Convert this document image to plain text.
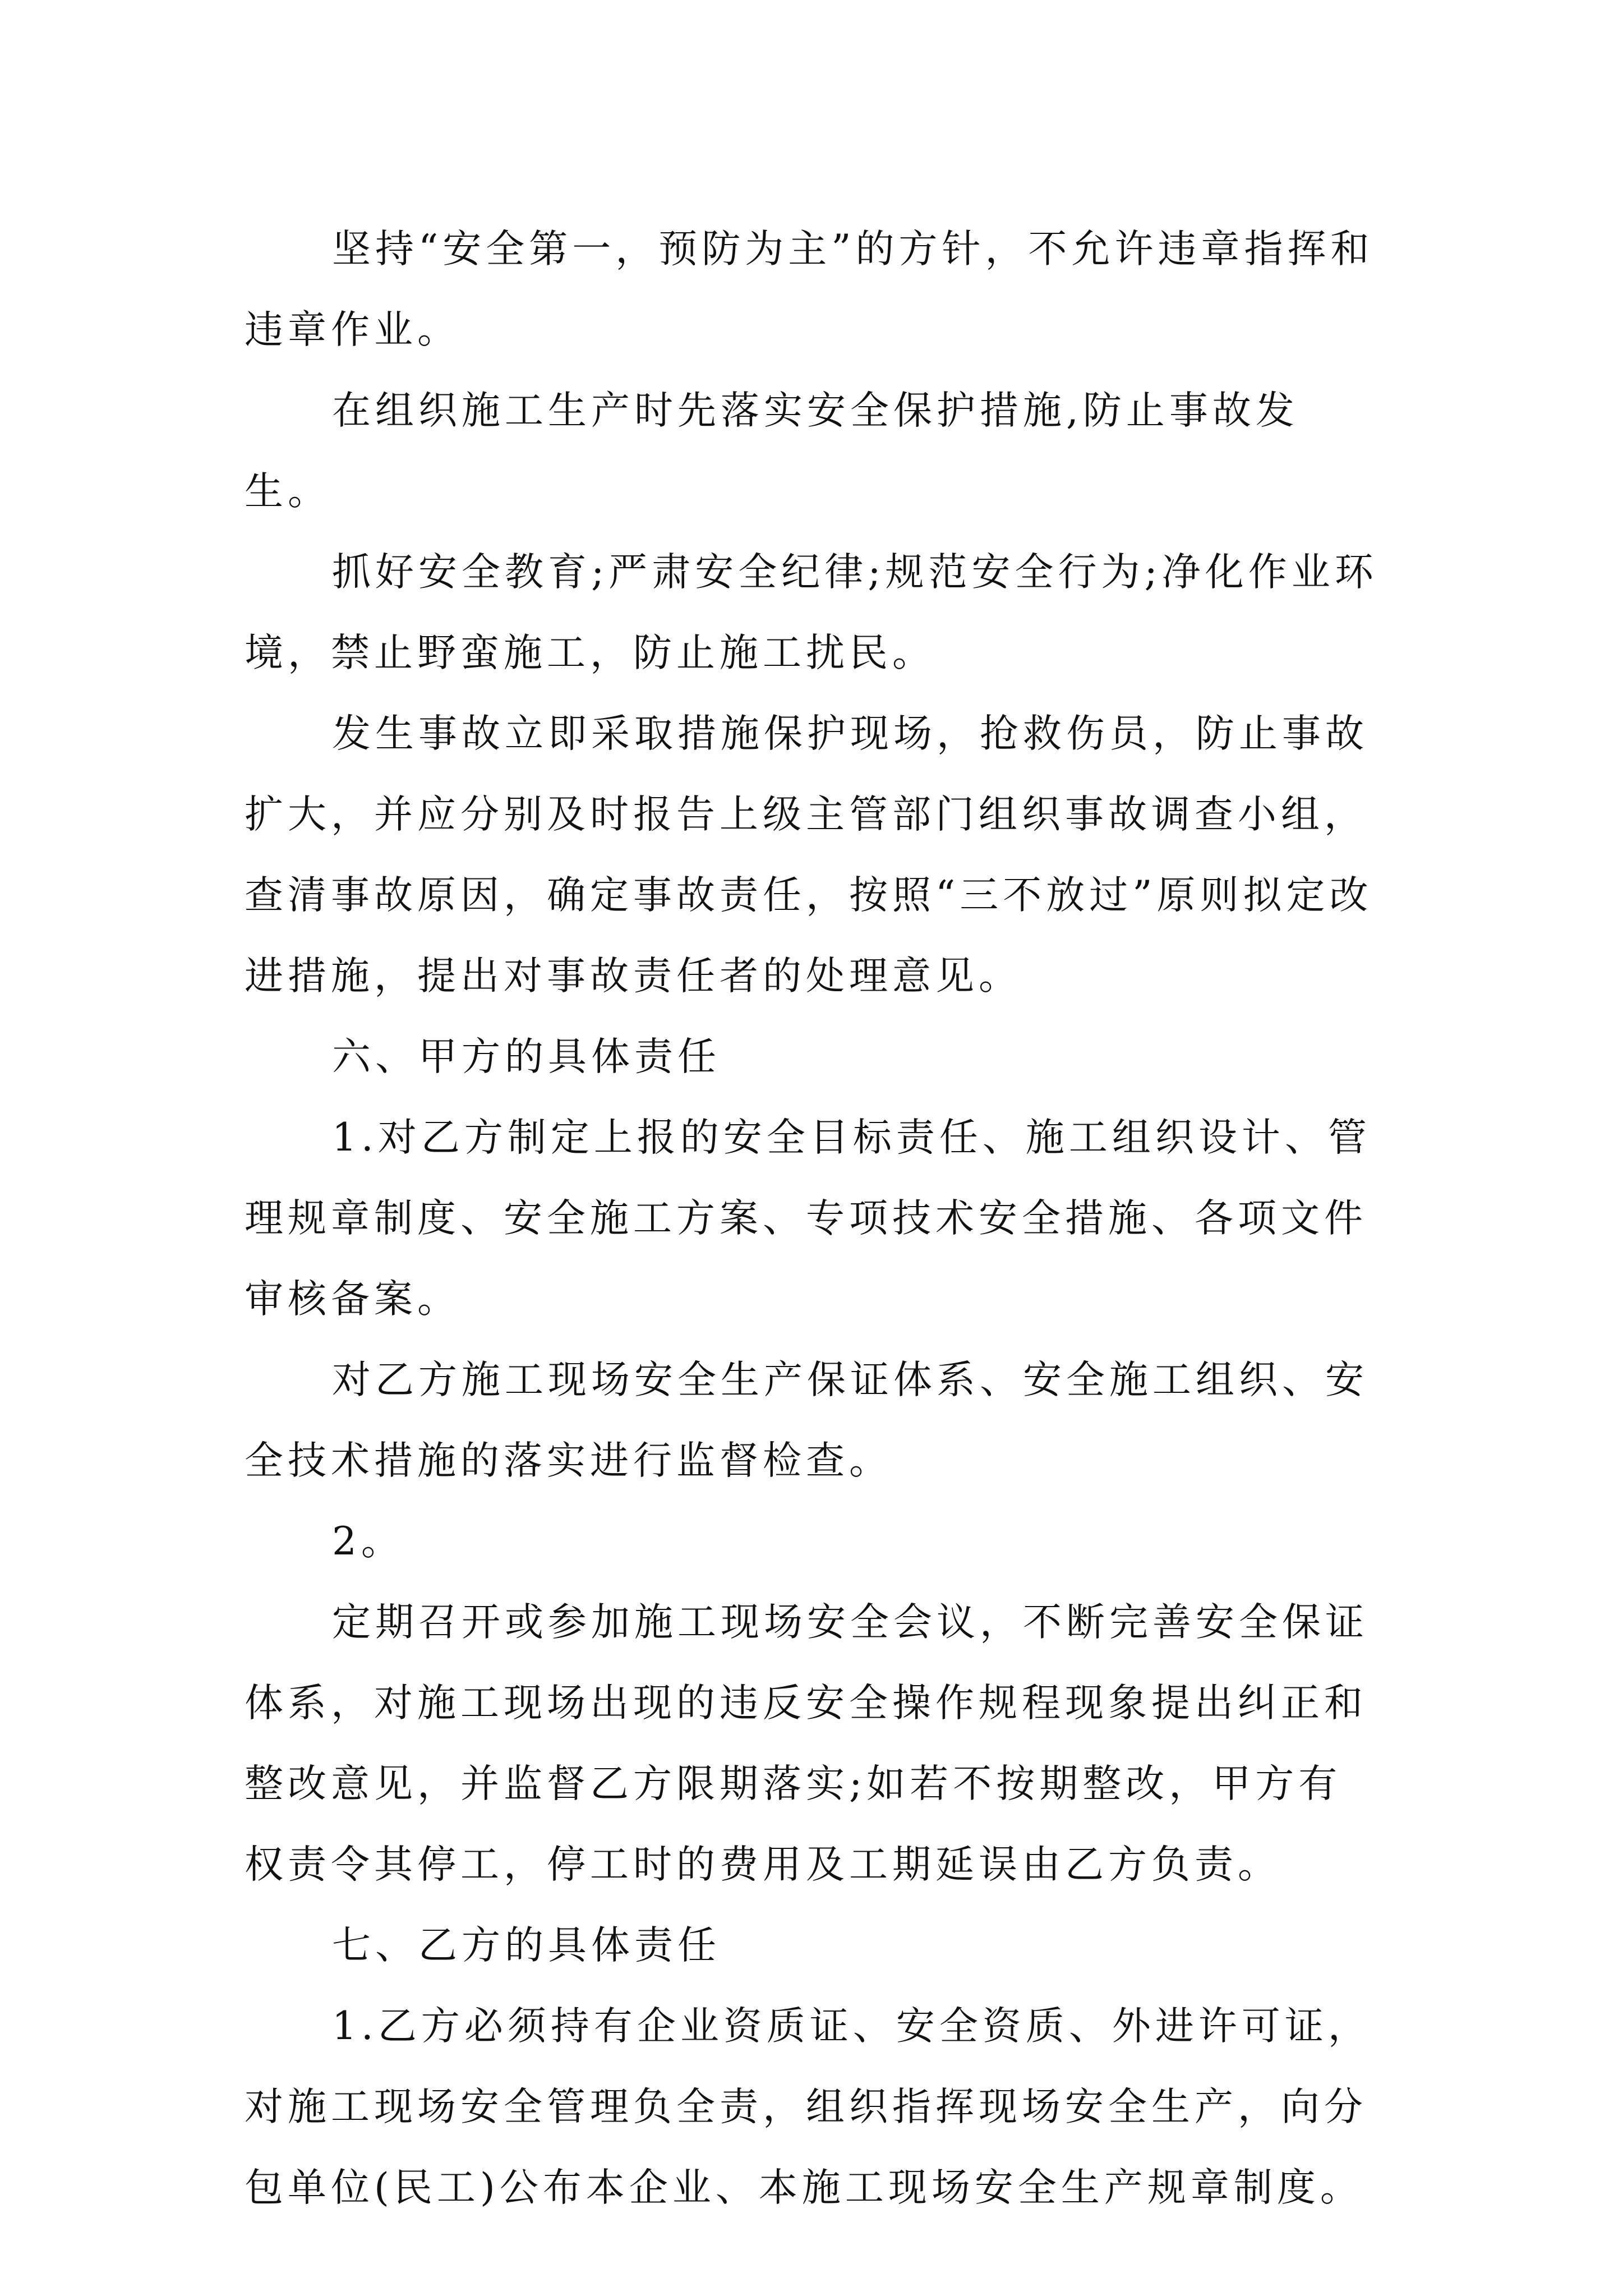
坚持“安全第一，预防为主”的方针，不允许违章指挥和违章作业。

在组织施工生产时先落实安全保护措施,防止事故发生。

抓好安全教育;严肃安全纪律;规范安全行为;净化作业环境，禁止野蛮施工，防止施工扰民。

发生事故立即采取措施保护现场，抢救伤员，防止事故扩大，并应分别及时报告上级主管部门组织事故调查小组，查清事故原因，确定事故责任，按照“三不放过”原则拟定改进措施，提出对事故责任者的处理意见。

六、甲方的具体责任

1.对乙方制定上报的安全目标责任、施工组织设计、管理规章制度、安全施工方案、专项技术安全措施、各项文件审核备案。

对乙方施工现场安全生产保证体系、安全施工组织、安全技术措施的落实进行监督检查。

2。

定期召开或参加施工现场安全会议，不断完善安全保证体系，对施工现场出现的违反安全操作规程现象提出纠正和整改意见，并监督乙方限期落实;如若不按期整改，甲方有权责令其停工，停工时的费用及工期延误由乙方负责。

七、乙方的具体责任

1.乙方必须持有企业资质证、安全资质、外进许可证，对施工现场安全管理负全责，组织指挥现场安全生产，向分包单位(民工)公布本企业、本施工现场安全生产规章制度。
